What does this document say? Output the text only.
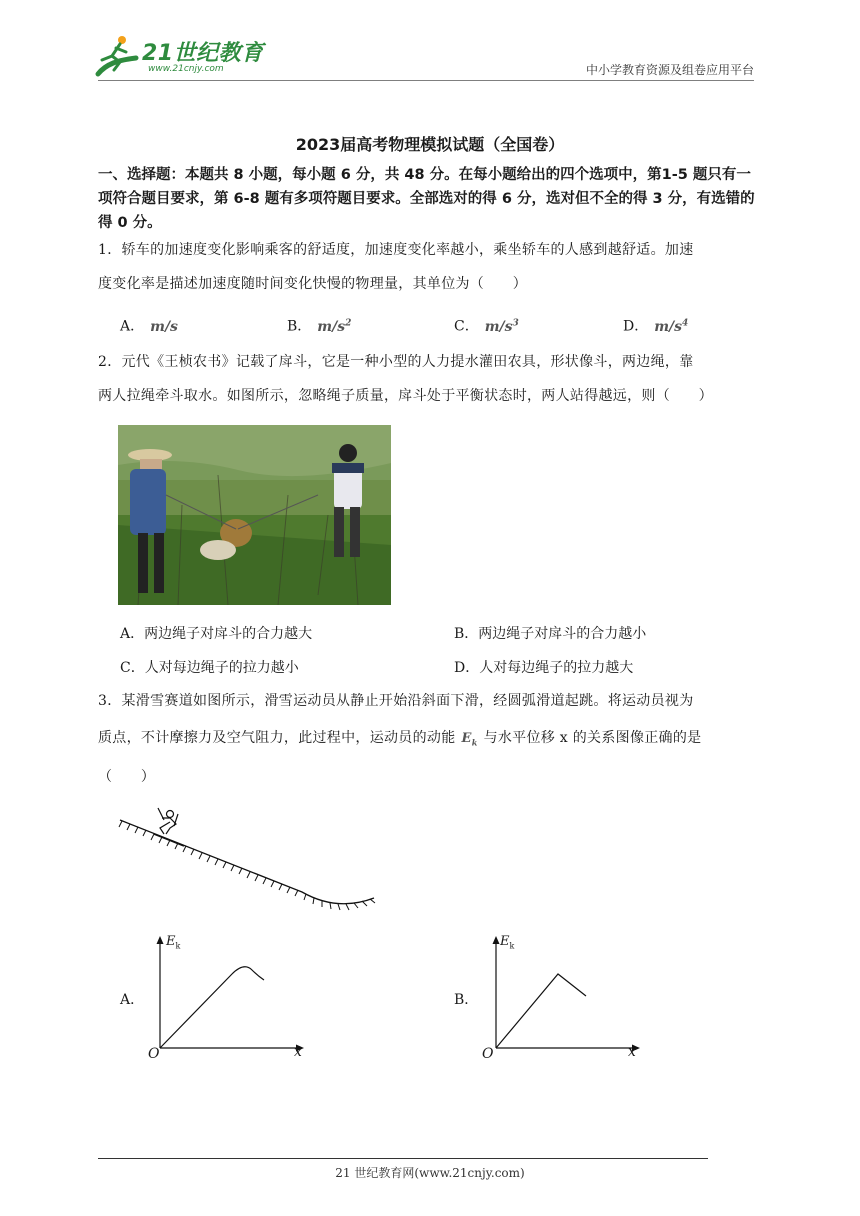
21世纪教育
www.21cnjy.com	中小学教育资源及组卷应用平台
2023届高考物理模拟试题（全国卷）
一、选择题：本题共 8 小题，每小题 6 分，共 48 分。在每小题给出的四个选项中，第1-5 题只有一项符合题目要求，第 6-8 题有多项符题目要求。全部选对的得 6 分，选对但不全的得 3 分，有选错的得 0 分。
1．轿车的加速度变化影响乘客的舒适度，加速度变化率越小，乘坐轿车的人感到越舒适。加速
度变化率是描述加速度随时间变化快慢的物理量，其单位为（　　）
A． m/s	B． $m/s^2$	C． $m/s^3$	D． $m/s^4$
2．元代《王桢农书》记载了戽斗，它是一种小型的人力提水灌田农具，形状像斗，两边绳，靠
两人拉绳牵斗取水。如图所示，忽略绳子质量，戽斗处于平衡状态时，两人站得越远，则（　　）
A．两边绳子对戽斗的合力越大	B．两边绳子对戽斗的合力越小
C．人对每边绳子的拉力越小	D．人对每边绳子的拉力越大
3．某滑雪赛道如图所示，滑雪运动员从静止开始沿斜面下滑，经圆弧滑道起跳。将运动员视为
质点，不计摩擦力及空气阻力，此过程中，运动员的动能 $E_k$ 与水平位移 x 的关系图像正确的是
（　　）
A．
$E_k$
x
O
B．
$E_k$
x
O
21 世纪教育网(www.21cnjy.com)
